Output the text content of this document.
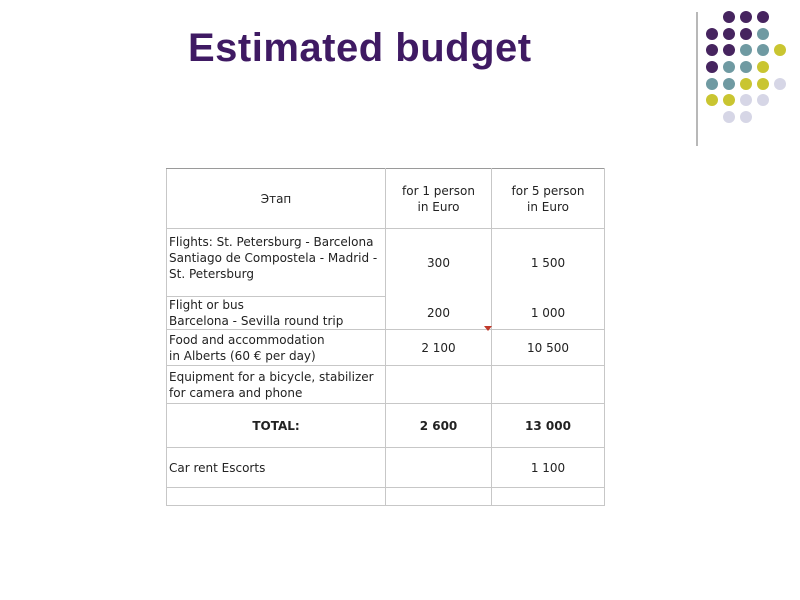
Estimated budget
Этап	for 1 person in Euro	for 5 person in Euro

Flights: St. Petersburg - Barcelona
Santiago de Compostela - Madrid - St. Petersburg	300	1 500
Flight or bus
Barcelona - Sevilla round trip	200	1 000
Food and accommodation
in Alberts (60 € per day)	2 100	10 500
Equipment for a bicycle, stabilizer for camera and phone		
TOTAL:	2 600	13 000
Car rent Escorts		1 100
